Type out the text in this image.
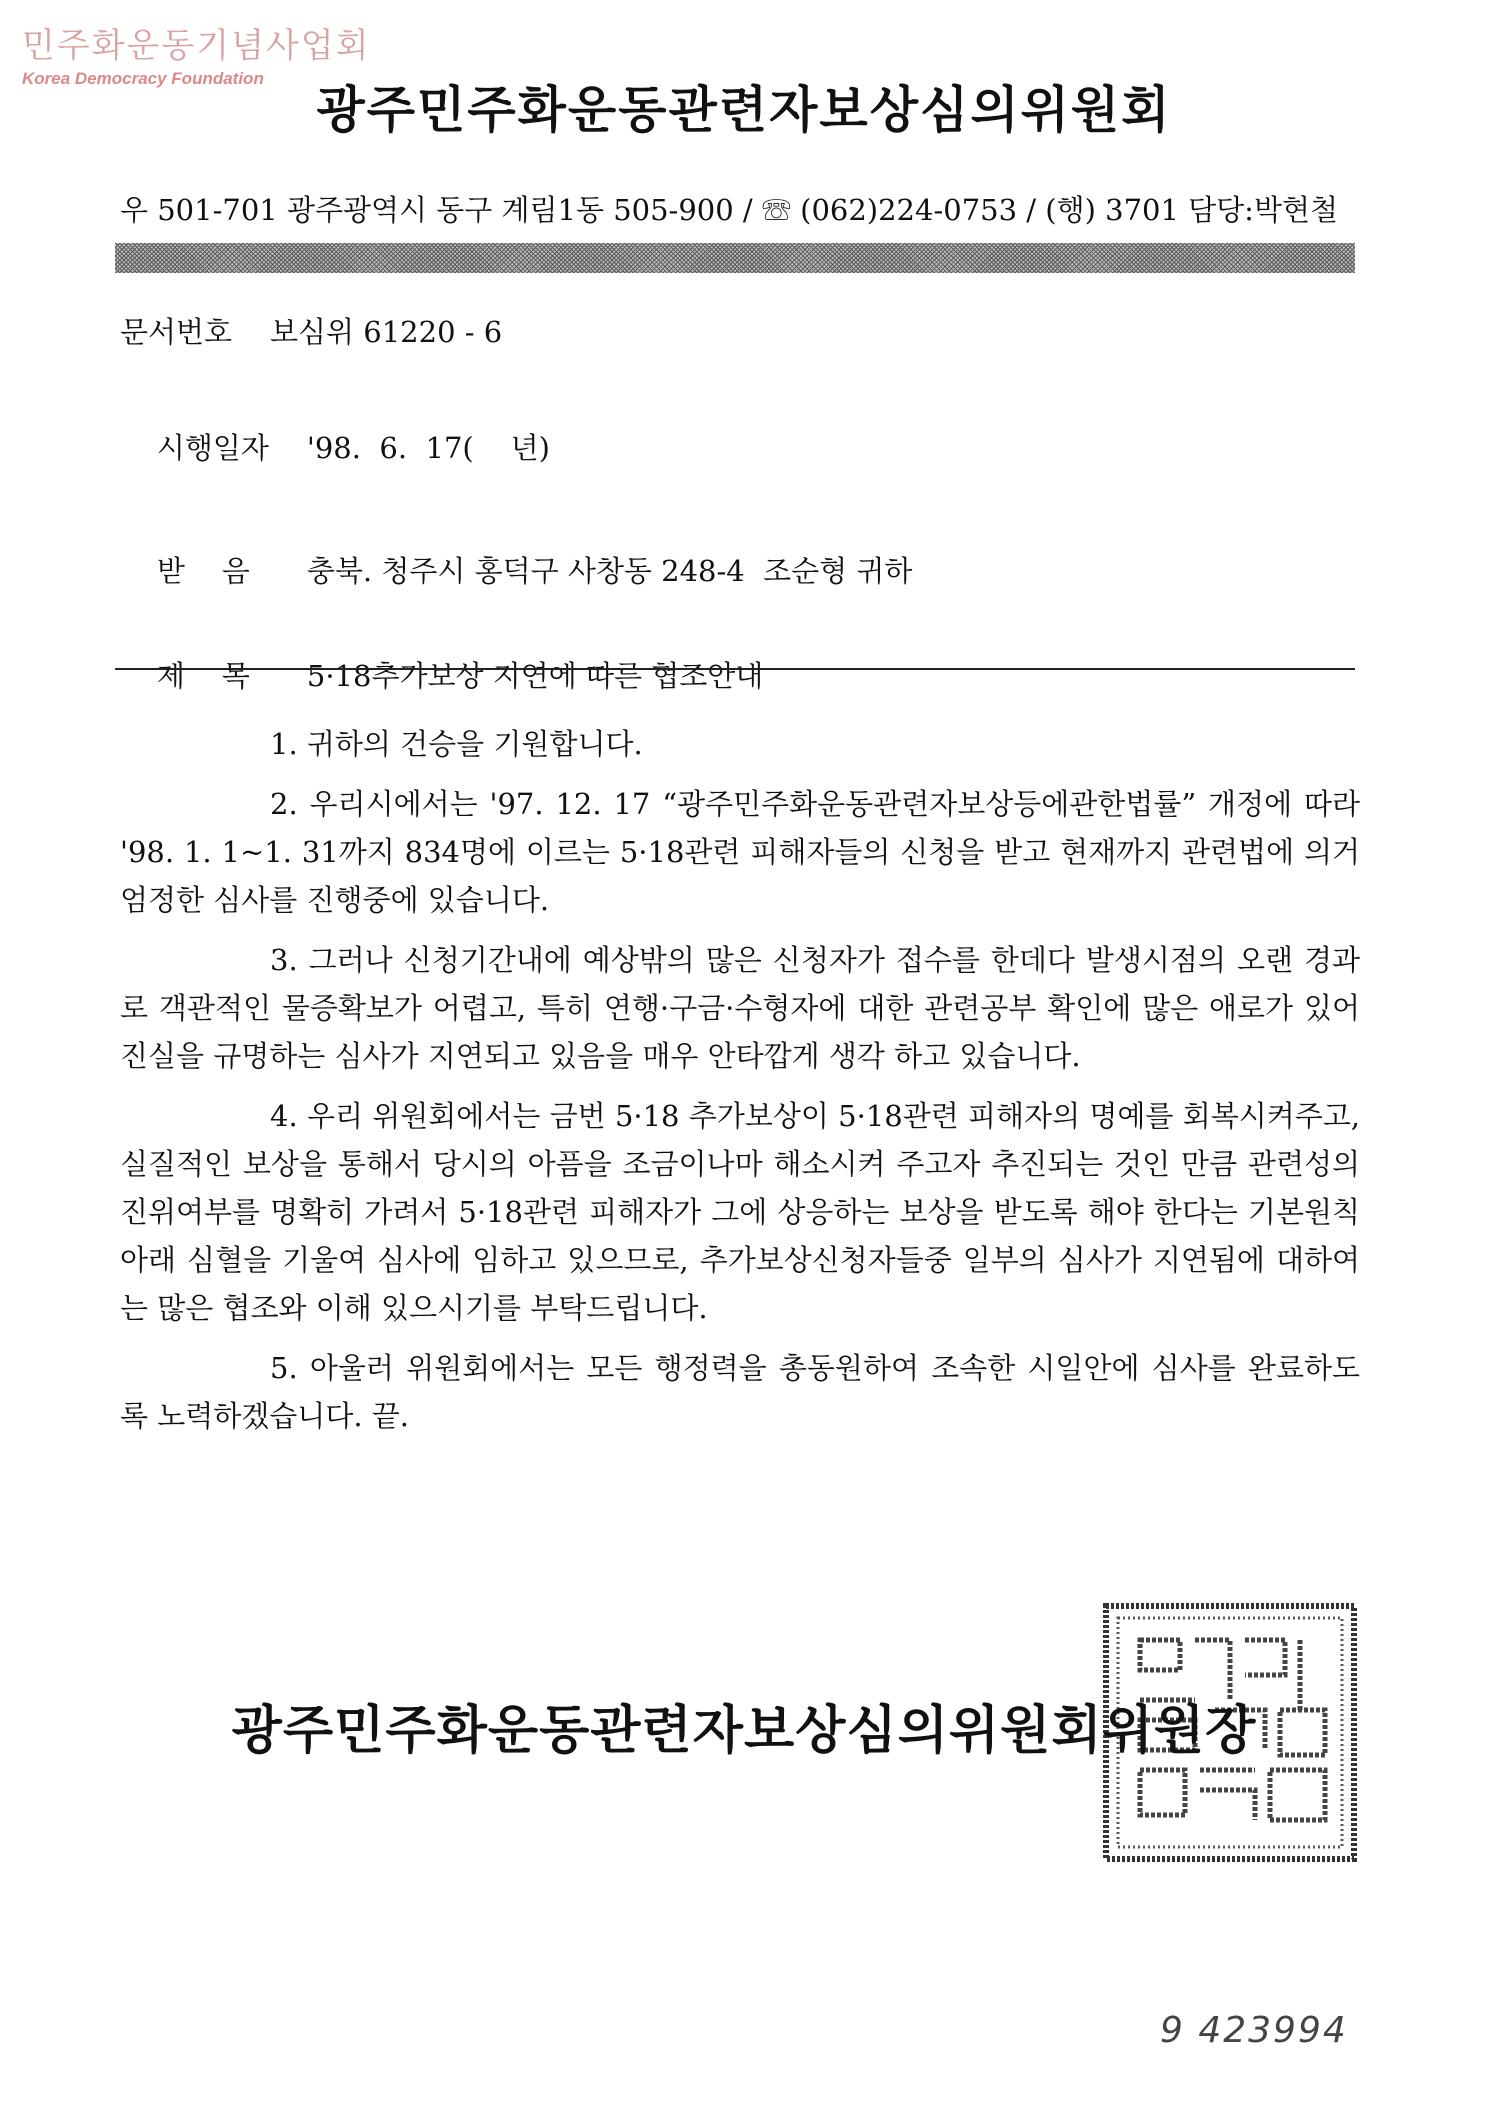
민주화운동기념사업회
Korea Democracy Foundation
광주민주화운동관련자보상심의위원회
우 501-701 광주광역시 동구 계림1동 505-900 / ☏ (062)224-0753 / (행) 3701 담당:박현철
문서번호 보심위 61220 - 6

시행일자 '98.  6.  17(    년)

받    음 충북. 청주시 홍덕구 사창동 248-4  조순형 귀하

제    목 5·18추가보상 지연에 따른 협조안내

1. 귀하의 건승을 기원합니다.

2. 우리시에서는 '97. 12. 17 “광주민주화운동관련자보상등에관한법률” 개정에 따라 '98. 1. 1~1. 31까지 834명에 이르는 5·18관련 피해자들의 신청을 받고 현재까지 관련법에 의거 엄정한 심사를 진행중에 있습니다.

3. 그러나 신청기간내에 예상밖의 많은 신청자가 접수를 한데다 발생시점의 오랜 경과로 객관적인 물증확보가 어렵고, 특히 연행·구금·수형자에 대한 관련공부 확인에 많은 애로가 있어 진실을 규명하는 심사가 지연되고 있음을 매우 안타깝게 생각 하고 있습니다.

4. 우리 위원회에서는 금번 5·18 추가보상이 5·18관련 피해자의 명예를 회복시켜주고, 실질적인 보상을 통해서 당시의 아픔을 조금이나마 해소시켜 주고자 추진되는 것인 만큼 관련성의 진위여부를 명확히 가려서 5·18관련 피해자가 그에 상응하는 보상을 받도록 해야 한다는 기본원칙 아래 심혈을 기울여 심사에 임하고 있으므로, 추가보상신청자들중 일부의 심사가 지연됨에 대하여는 많은 협조와 이해 있으시기를 부탁드립니다.

5. 아울러 위원회에서는 모든 행정력을 총동원하여 조속한 시일안에 심사를 완료하도록 노력하겠습니다. 끝.

광주민주화운동관련자보상심의위원회위원장
9 423994
